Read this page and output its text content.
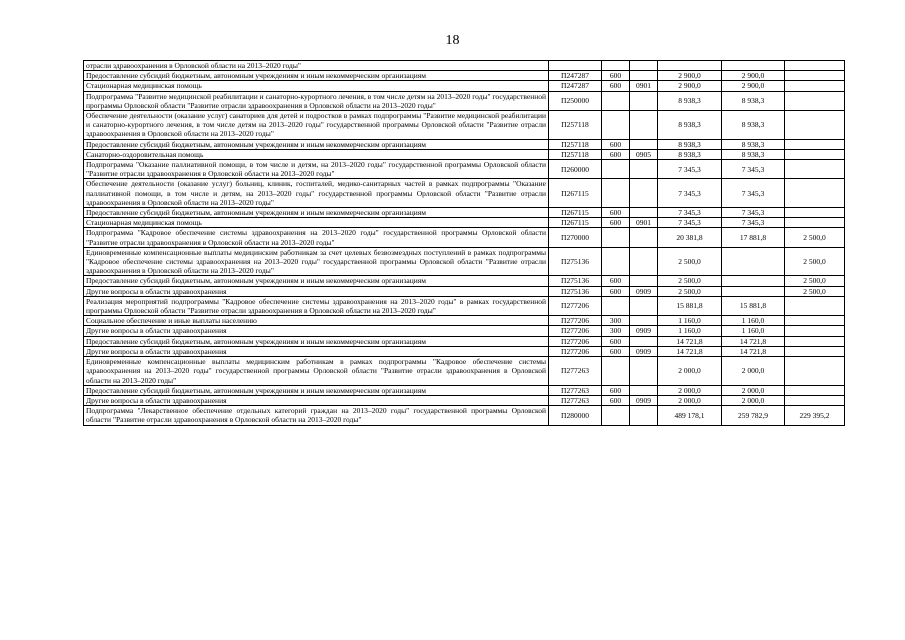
18
отрасли здравоохранения в Орловской области на 2013–2020 годы"						
Предоставление субсидий бюджетным, автономным учреждениям и иным некоммерческим организациям	П247287	600		2 900,0	2 900,0	
Стационарная медицинская помощь	П247287	600	0901	2 900,0	2 900,0	
Подпрограмма "Развитие медицинской реабилитации и санаторно-курортного лечения, в том числе детям на 2013–2020 годы" государственной программы Орловской области "Развитие отрасли здравоохранения в Орловской области на 2013–2020 годы"	П250000			8 938,3	8 938,3	
Обеспечение деятельности (оказание услуг) санаториев для детей и подростков в рамках подпрограммы "Развитие медицинской реабилитации и санаторно-курортного лечения, в том числе детям на 2013–2020 годы" государственной программы Орловской области "Развитие отрасли здравоохранения в Орловской области на 2013–2020 годы"	П257118			8 938,3	8 938,3	
Предоставление субсидий бюджетным, автономным учреждениям и иным некоммерческим организациям	П257118	600		8 938,3	8 938,3	
Санаторно-оздоровительная помощь	П257118	600	0905	8 938,3	8 938,3	
Подпрограмма "Оказание паллиативной помощи, в том числе и детям, на 2013–2020 годы" государственной программы Орловской области "Развитие отрасли здравоохранения в Орловской области на 2013–2020 годы"	П260000			7 345,3	7 345,3	
Обеспечение деятельности (оказание услуг) больниц, клиник, госпиталей, медико-санитарных частей в рамках подпрограммы "Оказание паллиативной помощи, в том числе и детям, на 2013–2020 годы" государственной программы Орловской области "Развитие отрасли здравоохранения в Орловской области на 2013–2020 годы"	П267115			7 345,3	7 345,3	
Предоставление субсидий бюджетным, автономным учреждениям и иным некоммерческим организациям	П267115	600		7 345,3	7 345,3	
Стационарная медицинская помощь	П267115	600	0901	7 345,3	7 345,3	
Подпрограмма "Кадровое обеспечение системы здравоохранения на 2013–2020 годы" государственной программы Орловской области "Развитие отрасли здравоохранения в Орловской области на 2013–2020 годы"	П270000			20 381,8	17 881,8	2 500,0
Единовременные компенсационные выплаты медицинским работникам за счет целевых безвозмездных поступлений в рамках подпрограммы "Кадровое обеспечение системы здравоохранения на 2013–2020 годы" государственной программы Орловской области "Развитие отрасли здравоохранения в Орловской области на 2013–2020 годы"	П275136			2 500,0		2 500,0
Предоставление субсидий бюджетным, автономным учреждениям и иным некоммерческим организациям	П275136	600		2 500,0		2 500,0
Другие вопросы в области здравоохранения	П275136	600	0909	2 500,0		2 500,0
Реализация мероприятий подпрограммы "Кадровое обеспечение системы здравоохранения на 2013–2020 годы" в рамках государственной программы Орловской области "Развитие отрасли здравоохранения в Орловской области на 2013–2020 годы"	П277206			15 881,8	15 881,8	
Социальное обеспечение и иные выплаты населению	П277206	300		1 160,0	1 160,0	
Другие вопросы в области здравоохранения	П277206	300	0909	1 160,0	1 160,0	
Предоставление субсидий бюджетным, автономным учреждениям и иным некоммерческим организациям	П277206	600		14 721,8	14 721,8	
Другие вопросы в области здравоохранения	П277206	600	0909	14 721,8	14 721,8	
Единовременные компенсационные выплаты медицинским работникам в рамках подпрограммы "Кадровое обеспечение системы здравоохранения на 2013–2020 годы" государственной программы Орловской области "Развитие отрасли здравоохранения в Орловской области на 2013–2020 годы"	П277263			2 000,0	2 000,0	
Предоставление субсидий бюджетным, автономным учреждениям и иным некоммерческим организациям	П277263	600		2 000,0	2 000,0	
Другие вопросы в области здравоохранения	П277263	600	0909	2 000,0	2 000,0	
Подпрограмма "Лекарственное обеспечение отдельных категорий граждан на 2013–2020 годы" государственной программы Орловской области "Развитие отрасли здравоохранения в Орловской области на 2013–2020 годы"	П280000			489 178,1	259 782,9	229 395,2
